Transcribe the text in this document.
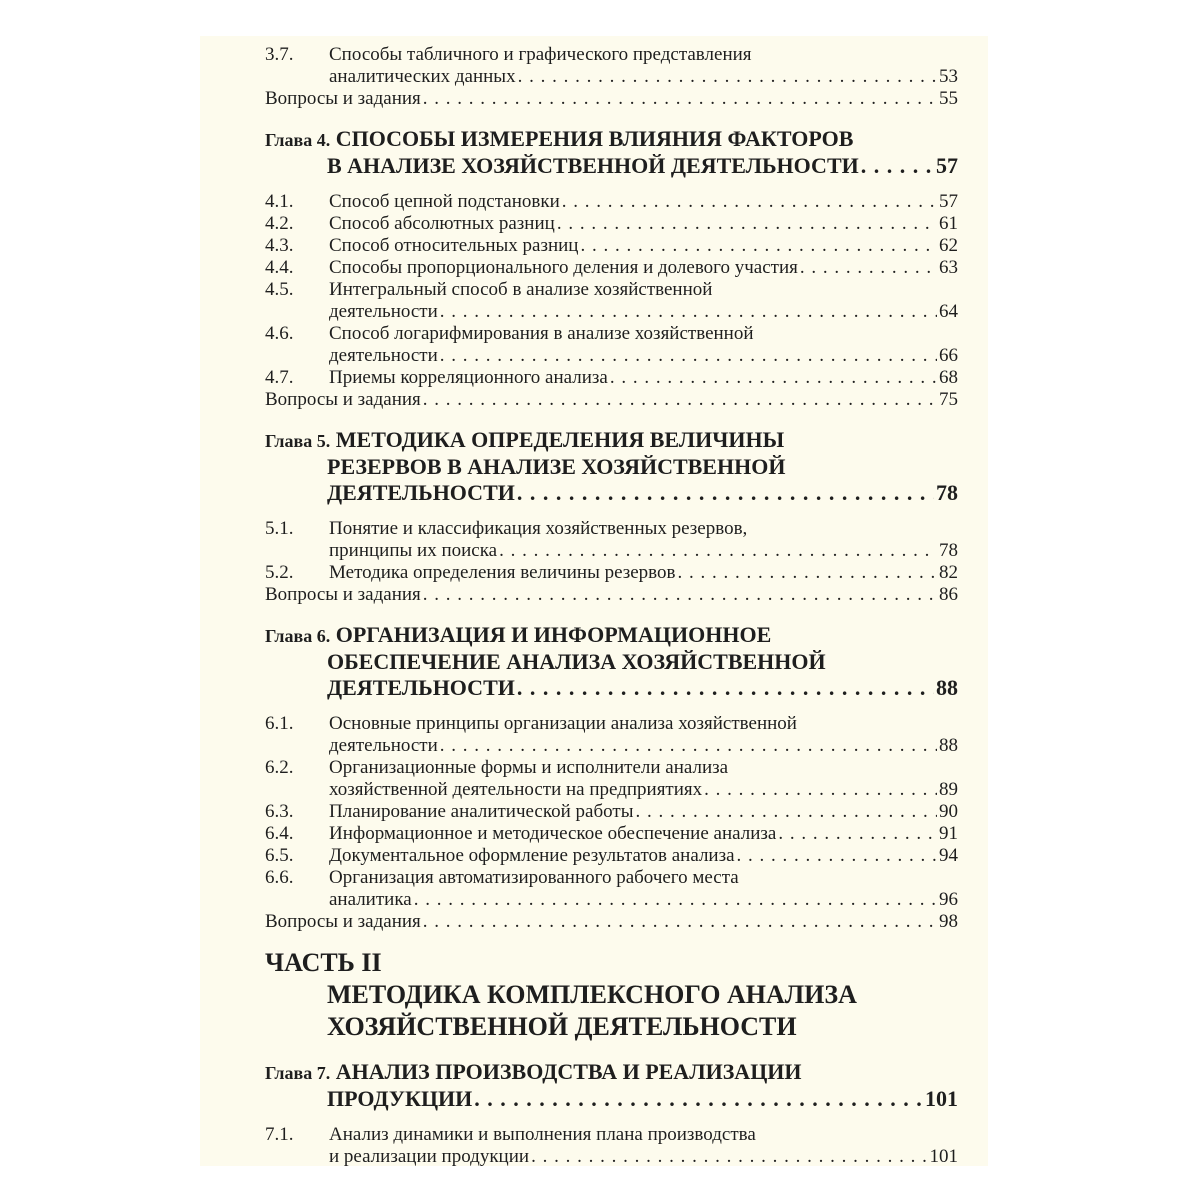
3.7.	Способы табличного и графического представления
аналитических данных . . .	53
Вопросы и задания . . .	55
Глава 4. СПОСОБЫ ИЗМЕРЕНИЯ ВЛИЯНИЯ ФАКТОРОВ
В АНАЛИЗЕ ХОЗЯЙСТВЕННОЙ ДЕЯТЕЛЬНОСТИ . . .	57
4.1.	Способ цепной подстановки . . .	57
4.2.	Способ абсолютных разниц . . .	61
4.3.	Способ относительных разниц . . .	62
4.4.	Способы пропорционального деления и долевого участия . . .	63
4.5.	Интегральный способ в анализе хозяйственной
деятельности . . .	64
4.6.	Способ логарифмирования в анализе хозяйственной
деятельности . . .	66
4.7.	Приемы корреляционного анализа . . .	68
Вопросы и задания . . .	75
Глава 5. МЕТОДИКА ОПРЕДЕЛЕНИЯ ВЕЛИЧИНЫ
РЕЗЕРВОВ В АНАЛИЗЕ ХОЗЯЙСТВЕННОЙ
ДЕЯТЕЛЬНОСТИ . . .	78
5.1.	Понятие и классификация хозяйственных резервов,
принципы их поиска . . .	78
5.2.	Методика определения величины резервов . . .	82
Вопросы и задания . . .	86
Глава 6. ОРГАНИЗАЦИЯ И ИНФОРМАЦИОННОЕ
ОБЕСПЕЧЕНИЕ АНАЛИЗА ХОЗЯЙСТВЕННОЙ
ДЕЯТЕЛЬНОСТИ . . .	88
6.1.	Основные принципы организации анализа хозяйственной
деятельности . . .	88
6.2.	Организационные формы и исполнители анализа
хозяйственной деятельности на предприятиях . . .	89
6.3.	Планирование аналитической работы . . .	90
6.4.	Информационное и методическое обеспечение анализа . . .	91
6.5.	Документальное оформление результатов анализа . . .	94
6.6.	Организация автоматизированного рабочего места
аналитика . . .	96
Вопросы и задания . . .	98
ЧАСТЬ II
МЕТОДИКА КОМПЛЕКСНОГО АНАЛИЗА
ХОЗЯЙСТВЕННОЙ ДЕЯТЕЛЬНОСТИ
Глава 7. АНАЛИЗ ПРОИЗВОДСТВА И РЕАЛИЗАЦИИ
ПРОДУКЦИИ . . .	101
7.1.	Анализ динамики и выполнения плана производства
и реализации продукции . . .	101
